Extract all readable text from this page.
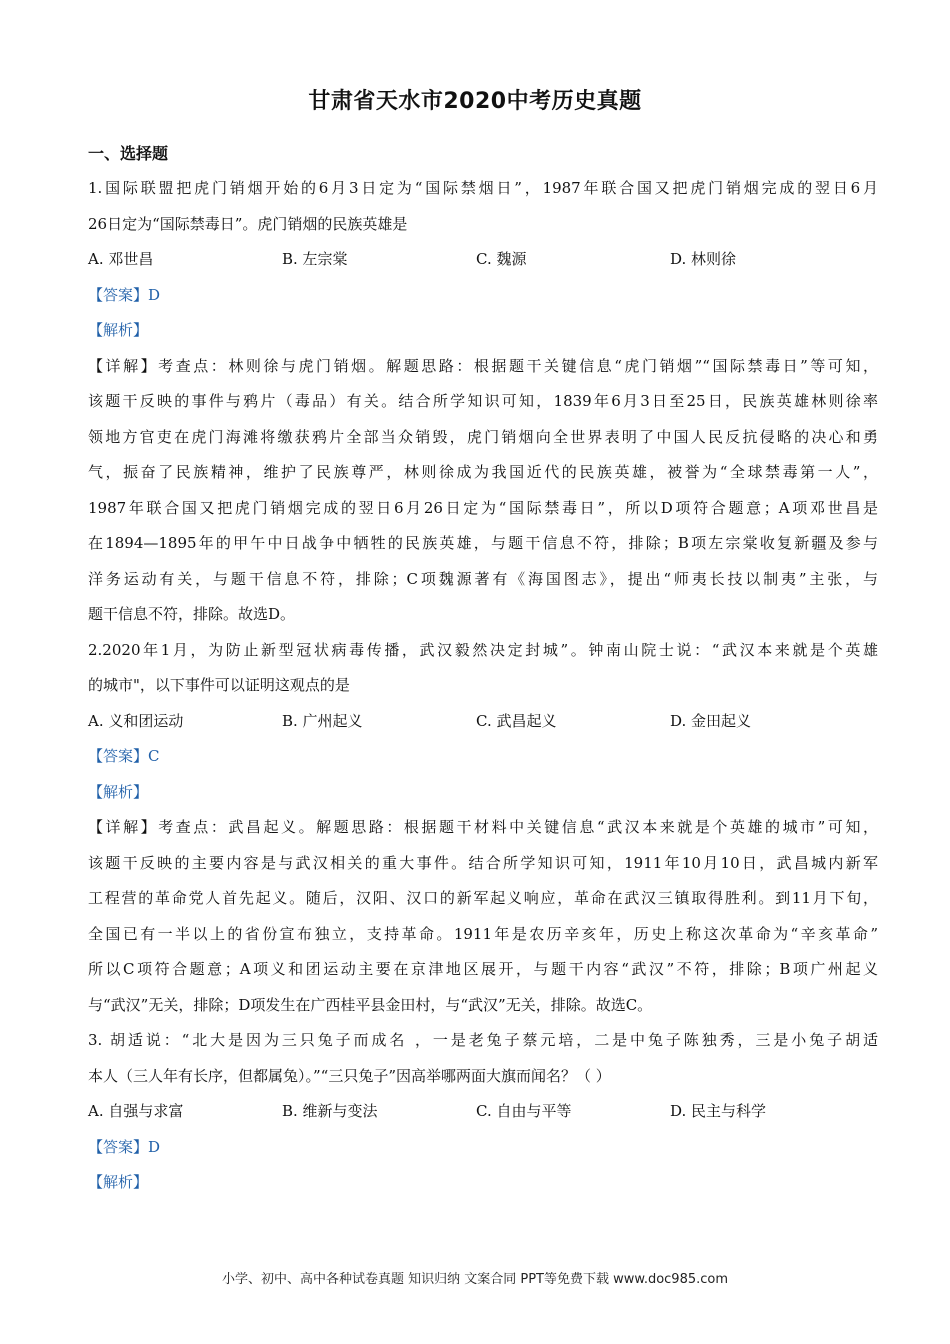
甘肃省天水市2020中考历史真题
一、选择题
1.国际联盟把虎门销烟开始的6月3日定为“国际禁烟日”，1987年联合国又把虎门销烟完成的翌日6月
26日定为“国际禁毒日”。虎门销烟的民族英雄是
A. 邓世昌	B. 左宗棠	C. 魏源	D. 林则徐
【答案】D
【解析】
【详解】考查点：林则徐与虎门销烟。解题思路：根据题干关键信息“虎门销烟”“国际禁毒日”等可知，
该题干反映的事件与鸦片（毒品）有关。结合所学知识可知，1839年6月3日至25日，民族英雄林则徐率
领地方官吏在虎门海滩将缴获鸦片全部当众销毁，虎门销烟向全世界表明了中国人民反抗侵略的决心和勇
气，振奋了民族精神，维护了民族尊严，林则徐成为我国近代的民族英雄，被誉为“全球禁毒第一人”，
1987年联合国又把虎门销烟完成的翌日6月26日定为“国际禁毒日”，所以D项符合题意；A项邓世昌是
在1894—1895年的甲午中日战争中牺牲的民族英雄，与题干信息不符，排除；B项左宗棠收复新疆及参与
洋务运动有关，与题干信息不符，排除；C项魏源著有《海国图志》，提出“师夷长技以制夷”主张，与
题干信息不符，排除。故选D。
2.2020年1月，为防止新型冠状病毒传播，武汉毅然决定封城”。钟南山院士说：“武汉本来就是个英雄
的城市"，以下事件可以证明这观点的是
A. 义和团运动	B. 广州起义	C. 武昌起义	D. 金田起义
【答案】C
【解析】
【详解】考查点：武昌起义。解题思路：根据题干材料中关键信息“武汉本来就是个英雄的城市”可知，
该题干反映的主要内容是与武汉相关的重大事件。结合所学知识可知，1911年10月10日，武昌城内新军
工程营的革命党人首先起义。随后，汉阳、汉口的新军起义响应，革命在武汉三镇取得胜利。到11月下旬，
全国已有一半以上的省份宣布独立，支持革命。1911年是农历辛亥年，历史上称这次革命为“辛亥革命”
所以C项符合题意；A项义和团运动主要在京津地区展开，与题干内容“武汉”不符，排除；B项广州起义
与“武汉”无关，排除；D项发生在广西桂平县金田村，与“武汉”无关，排除。故选C。
3. 胡适说：“北大是因为三只兔子而成名 ，一是老兔子蔡元培，二是中兔子陈独秀，三是小兔子胡适
本人（三人年有长序，但都属兔）。”“三只兔子”因高举哪两面大旗而闻名？（ ）
A. 自强与求富	B. 维新与变法	C. 自由与平等	D. 民主与科学
【答案】D
【解析】
小学、初中、高中各种试卷真题 知识归纳 文案合同 PPT等免费下载 www.doc985.com
